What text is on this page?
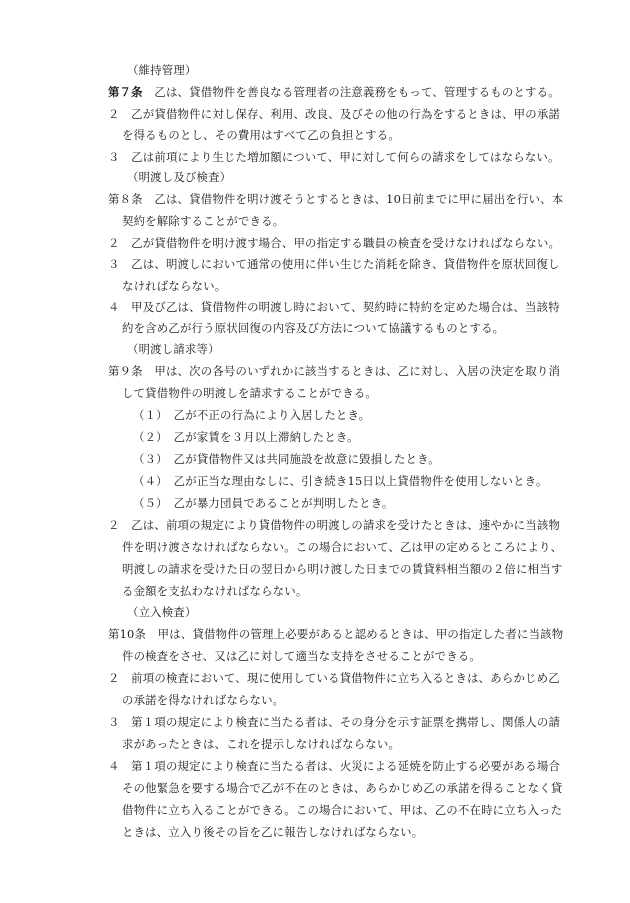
（維持管理）
第７条　乙は、貸借物件を善良なる管理者の注意義務をもって、管理するものとする。
２　乙が貸借物件に対し保存、利用、改良、及びその他の行為をするときは、甲の承諾
を得るものとし、その費用はすべて乙の負担とする。
３　乙は前項により生じた増加額について、甲に対して何らの請求をしてはならない。
（明渡し及び検査）
第８条　乙は、貸借物件を明け渡そうとするときは、10日前までに甲に届出を行い、本
契約を解除することができる。
２　乙が貸借物件を明け渡す場合、甲の指定する職員の検査を受けなければならない。
３　乙は、明渡しにおいて通常の使用に伴い生じた消耗を除き、貸借物件を原状回復し
なければならない。
４　甲及び乙は、貸借物件の明渡し時において、契約時に特約を定めた場合は、当該特
約を含め乙が行う原状回復の内容及び方法について協議するものとする。
（明渡し請求等）
第９条　甲は、次の各号のいずれかに該当するときは、乙に対し、入居の決定を取り消
して貸借物件の明渡しを請求することができる。
（１）　乙が不正の行為により入居したとき。
（２）　乙が家賃を３月以上滞納したとき。
（３）　乙が貸借物件又は共同施設を故意に毀損したとき。
（４）　乙が正当な理由なしに、引き続き15日以上貸借物件を使用しないとき。
（５）　乙が暴力団員であることが判明したとき。
２　乙は、前項の規定により貸借物件の明渡しの請求を受けたときは、速やかに当該物
件を明け渡さなければならない。この場合において、乙は甲の定めるところにより、
明渡しの請求を受けた日の翌日から明け渡した日までの賃貸料相当額の２倍に相当す
る金額を支払わなければならない。
（立入検査）
第10条　甲は、貸借物件の管理上必要があると認めるときは、甲の指定した者に当該物
件の検査をさせ、又は乙に対して適当な支持をさせることができる。
２　前項の検査において、現に使用している貸借物件に立ち入るときは、あらかじめ乙
の承諾を得なければならない。
３　第１項の規定により検査に当たる者は、その身分を示す証票を携帯し、関係人の請
求があったときは、これを提示しなければならない。
４　第１項の規定により検査に当たる者は、火災による延焼を防止する必要がある場合
その他緊急を要する場合で乙が不在のときは、あらかじめ乙の承諾を得ることなく貸
借物件に立ち入ることができる。この場合において、甲は、乙の不在時に立ち入った
ときは、立入り後その旨を乙に報告しなければならない。
